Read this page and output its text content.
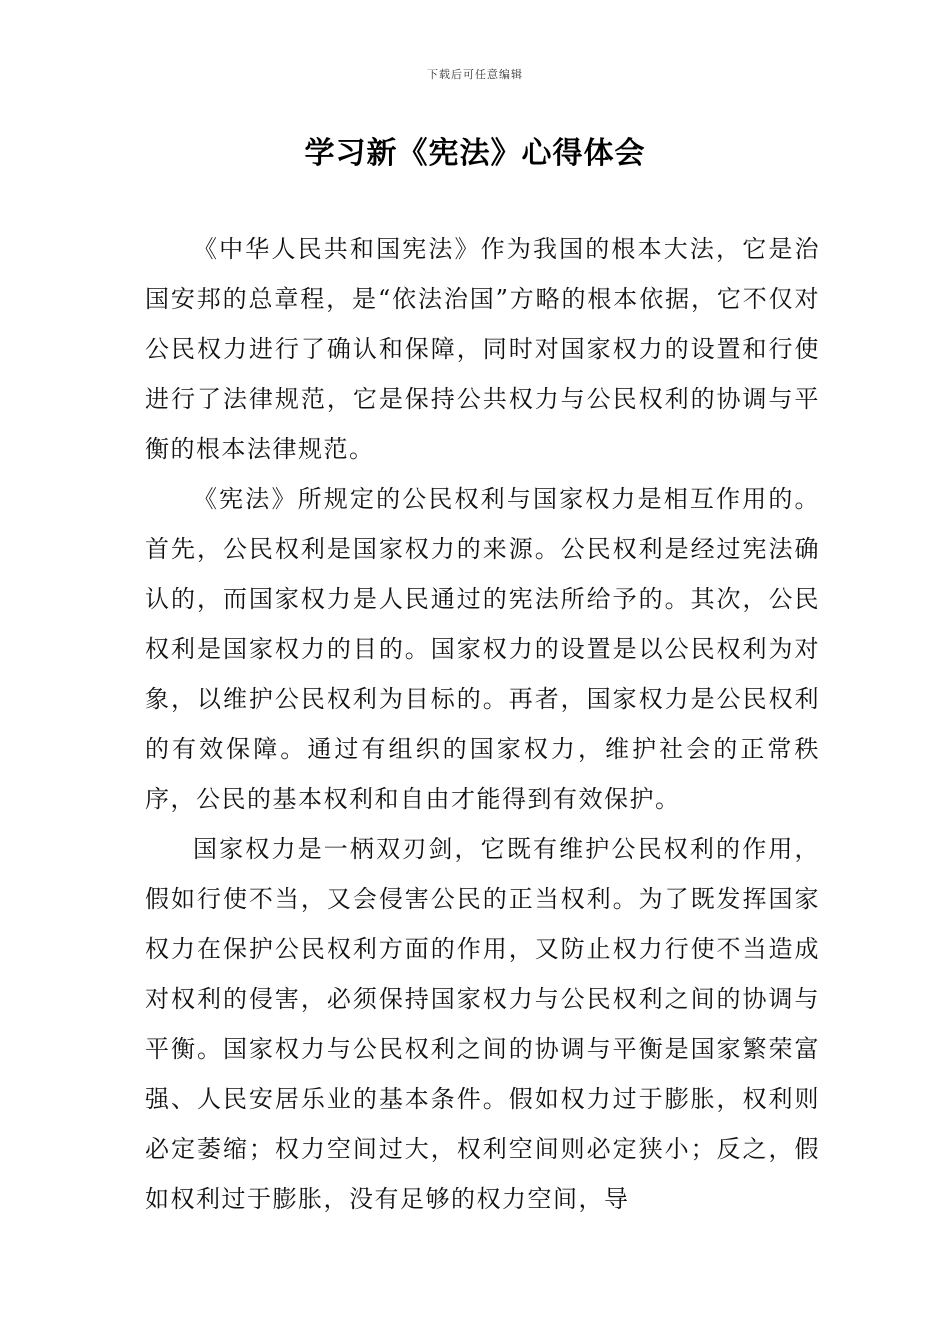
下载后可任意编辑
学习新《宪法》心得体会

《中华人民共和国宪法》作为我国的根本大法，它是治国安邦的总章程，是“依法治国”方略的根本依据，它不仅对公民权力进行了确认和保障，同时对国家权力的设置和行使进行了法律规范，它是保持公共权力与公民权利的协调与平衡的根本法律规范。

《宪法》所规定的公民权利与国家权力是相互作用的。首先，公民权利是国家权力的来源。公民权利是经过宪法确认的，而国家权力是人民通过的宪法所给予的。其次，公民权利是国家权力的目的。国家权力的设置是以公民权利为对象，以维护公民权利为目标的。再者，国家权力是公民权利的有效保障。通过有组织的国家权力，维护社会的正常秩序，公民的基本权利和自由才能得到有效保护。

国家权力是一柄双刃剑，它既有维护公民权利的作用，假如行使不当，又会侵害公民的正当权利。为了既发挥国家权力在保护公民权利方面的作用，又防止权力行使不当造成对权利的侵害，必须保持国家权力与公民权利之间的协调与平衡。国家权力与公民权利之间的协调与平衡是国家繁荣富强、人民安居乐业的基本条件。假如权力过于膨胀，权利则必定萎缩；权力空间过大，权利空间则必定狭小；反之，假如权利过于膨胀，没有足够的权力空间，导
